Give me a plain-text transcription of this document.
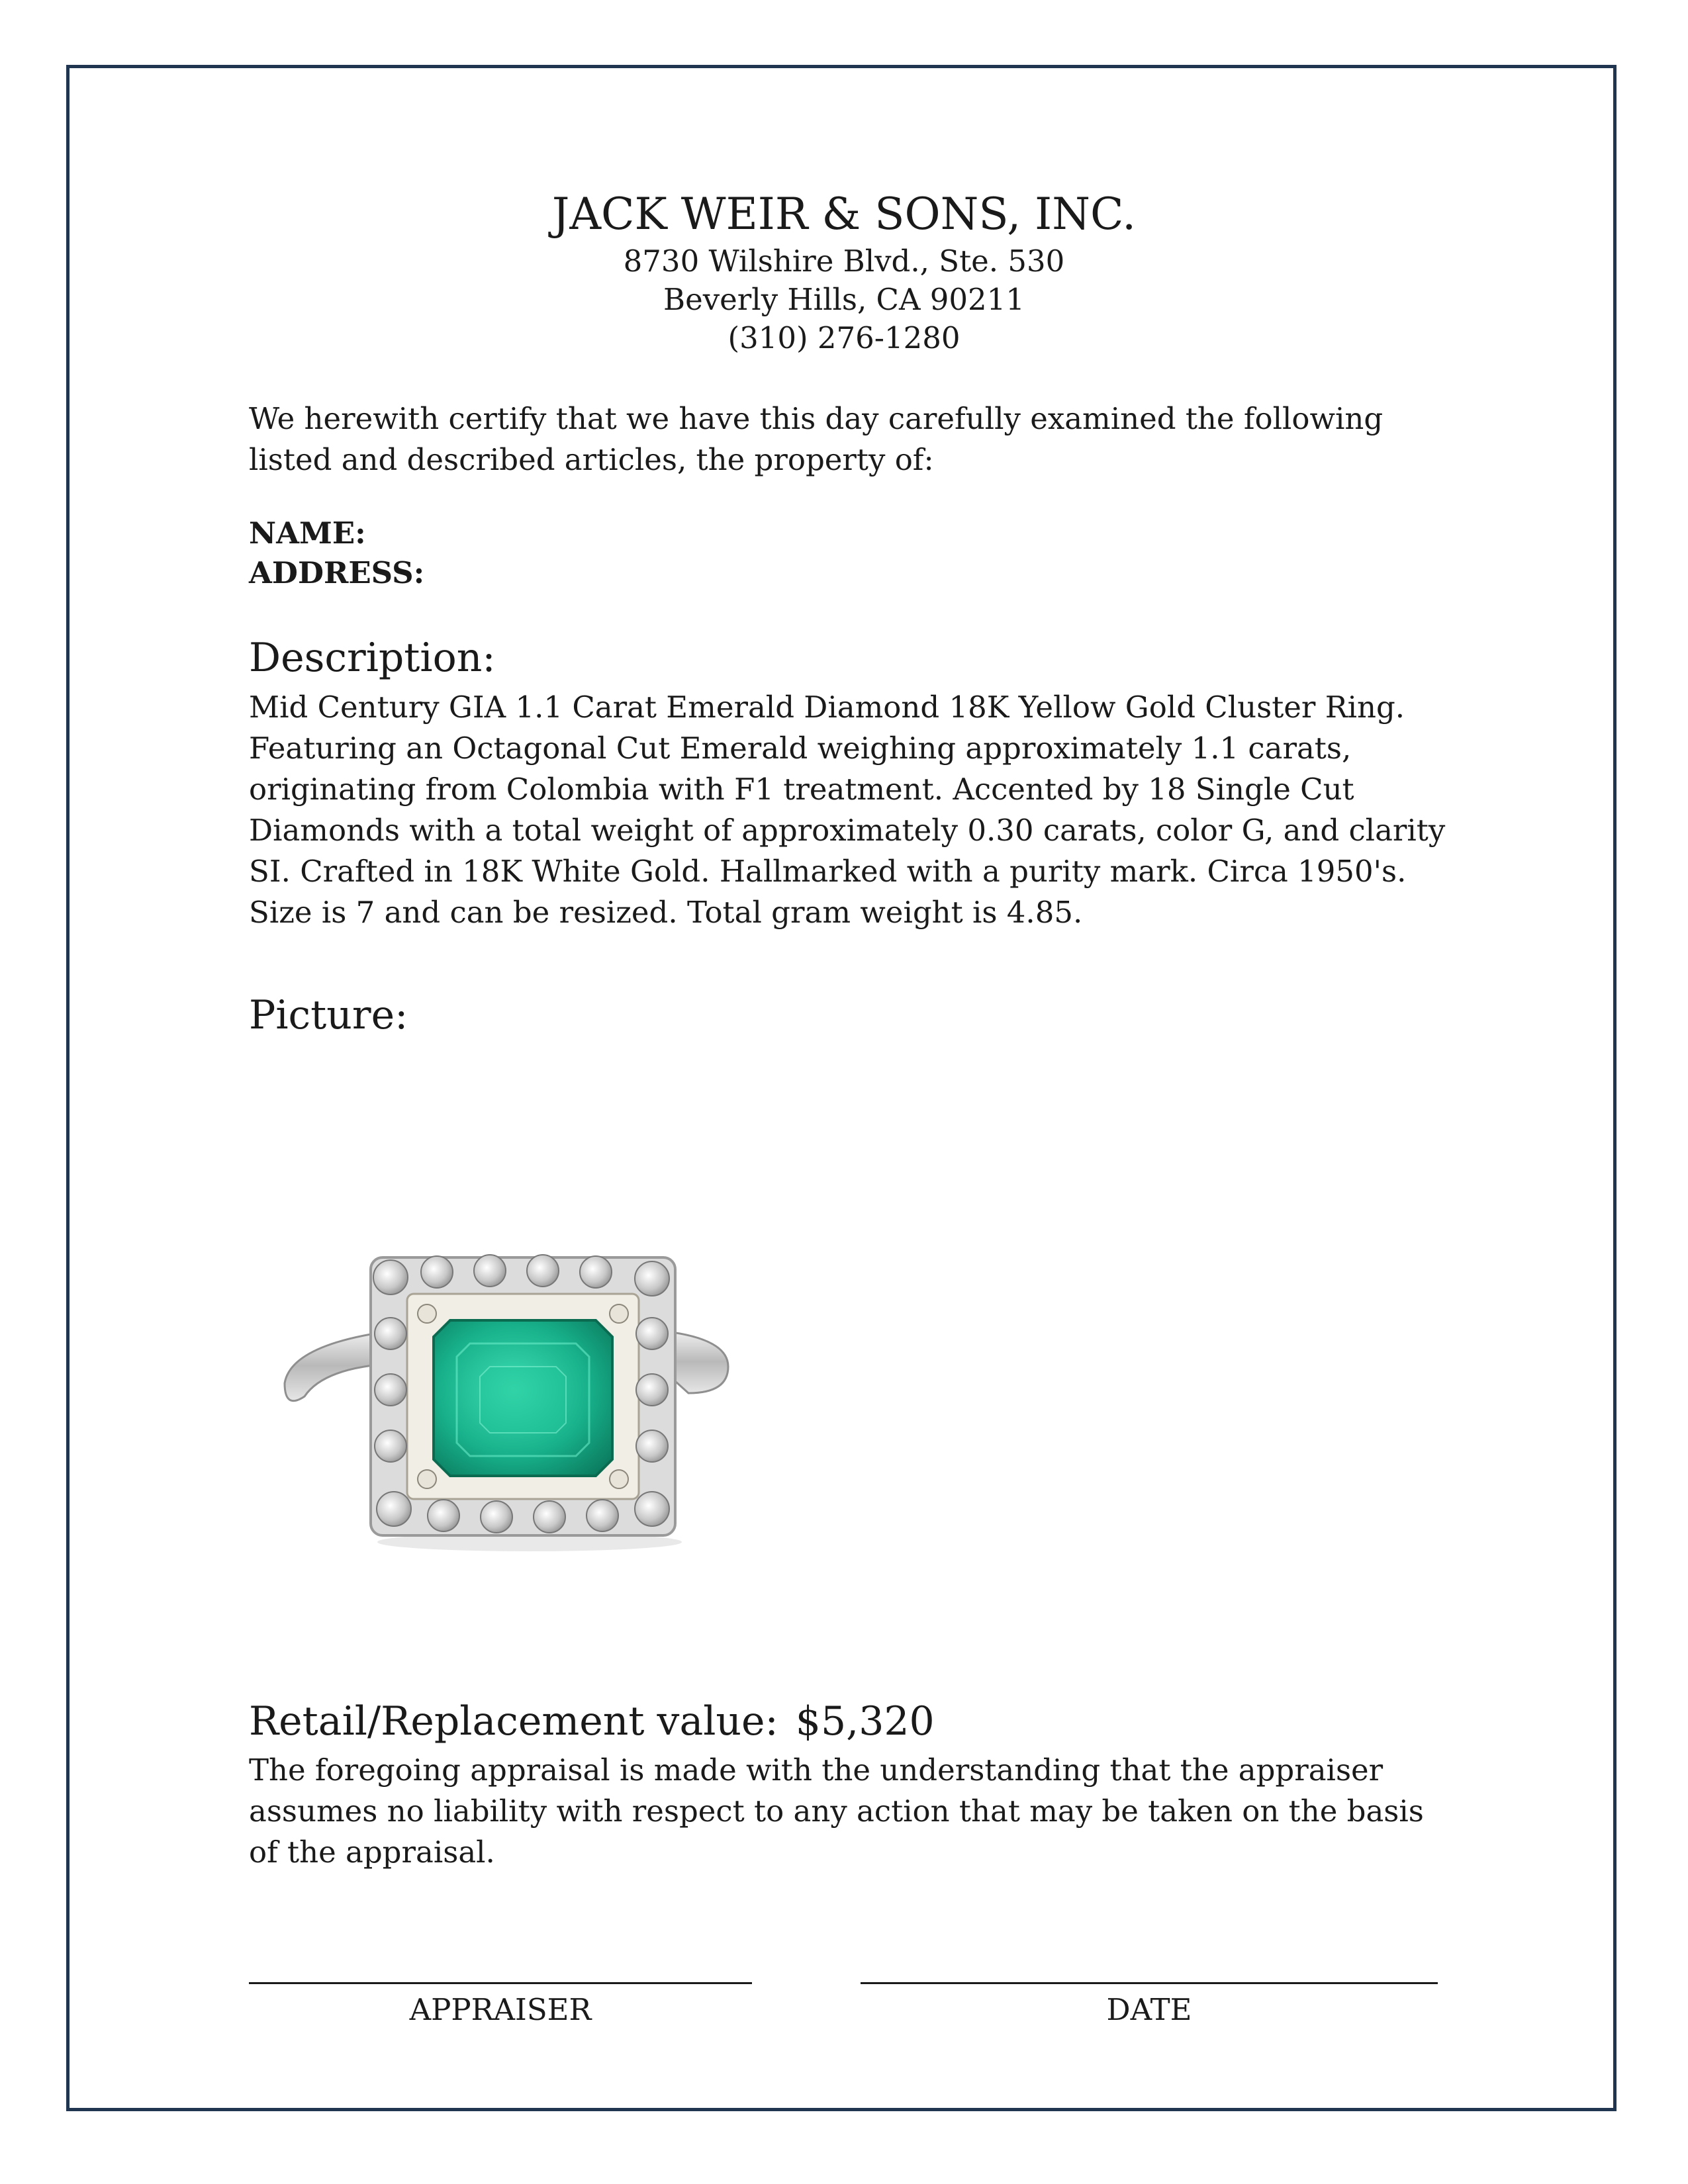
JACK WEIR & SONS, INC.
8730 Wilshire Blvd., Ste. 530
Beverly Hills, CA 90211
(310) 276-1280
We herewith certify that we have this day carefully examined the following listed and described articles, the property of:
NAME:
ADDRESS:
Description:
Mid Century GIA 1.1 Carat Emerald Diamond 18K Yellow Gold Cluster Ring. Featuring an Octagonal Cut Emerald weighing approximately 1.1 carats, originating from Colombia with F1 treatment. Accented by 18 Single Cut Diamonds with a total weight of approximately 0.30 carats, color G, and clarity SI. Crafted in 18K White Gold. Hallmarked with a purity mark. Circa 1950's. Size is 7 and can be resized. Total gram weight is 4.85.
Picture:
Retail/Replacement value: $5,320
The foregoing appraisal is made with the understanding that the appraiser assumes no liability with respect to any action that may be taken on the basis of the appraisal.
APPRAISER	DATE
